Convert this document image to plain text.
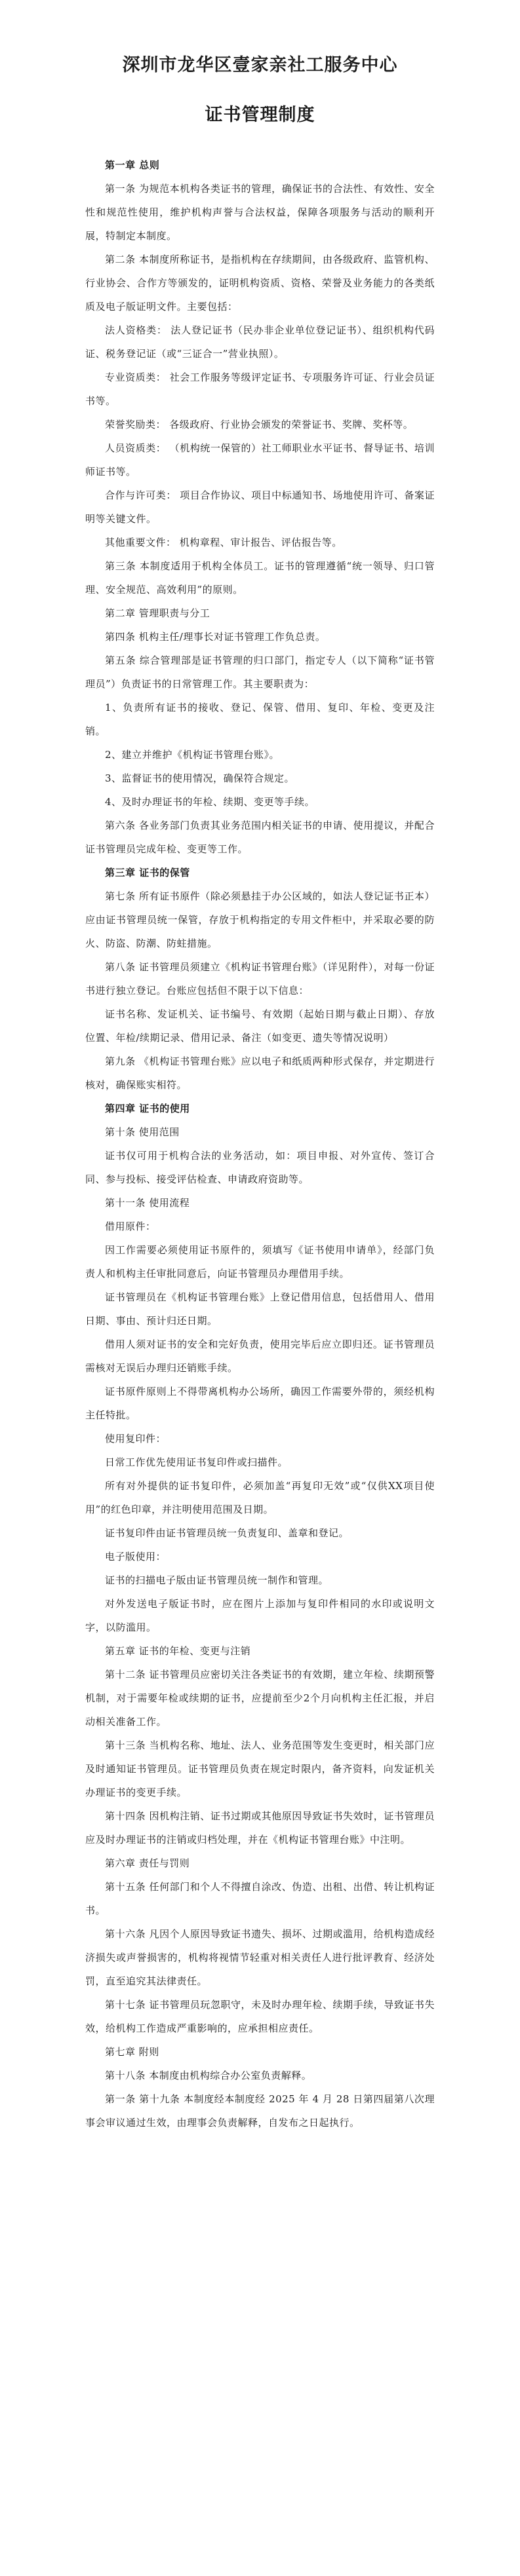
深圳市龙华区壹家亲社工服务中心
证书管理制度

第一章 总则

第一条 为规范本机构各类证书的管理，确保证书的合法性、有效性、安全性和规范性使用，维护机构声誉与合法权益，保障各项服务与活动的顺利开展，特制定本制度。

第二条 本制度所称证书，是指机构在存续期间，由各级政府、监管机构、行业协会、合作方等颁发的，证明机构资质、资格、荣誉及业务能力的各类纸质及电子版证明文件。主要包括：

法人资格类： 法人登记证书（民办非企业单位登记证书）、组织机构代码证、税务登记证（或“三证合一”营业执照）。

专业资质类： 社会工作服务等级评定证书、专项服务许可证、行业会员证书等。

荣誉奖励类： 各级政府、行业协会颁发的荣誉证书、奖牌、奖杯等。

人员资质类： （机构统一保管的）社工师职业水平证书、督导证书、培训师证书等。

合作与许可类： 项目合作协议、项目中标通知书、场地使用许可、备案证明等关键文件。

其他重要文件： 机构章程、审计报告、评估报告等。

第三条 本制度适用于机构全体员工。证书的管理遵循“统一领导、归口管理、安全规范、高效利用”的原则。

第二章 管理职责与分工

第四条 机构主任/理事长对证书管理工作负总责。

第五条 综合管理部是证书管理的归口部门，指定专人（以下简称“证书管理员”）负责证书的日常管理工作。其主要职责为：

1、负责所有证书的接收、登记、保管、借用、复印、年检、变更及注销。

2、建立并维护《机构证书管理台账》。

3、监督证书的使用情况，确保符合规定。

4、及时办理证书的年检、续期、变更等手续。

第六条 各业务部门负责其业务范围内相关证书的申请、使用提议，并配合证书管理员完成年检、变更等工作。

第三章 证书的保管

第七条 所有证书原件（除必须悬挂于办公区域的，如法人登记证书正本）应由证书管理员统一保管，存放于机构指定的专用文件柜中，并采取必要的防火、防盗、防潮、防蛀措施。

第八条 证书管理员须建立《机构证书管理台账》（详见附件），对每一份证书进行独立登记。台账应包括但不限于以下信息：

证书名称、发证机关、证书编号、有效期（起始日期与截止日期）、存放位置、年检/续期记录、借用记录、备注（如变更、遗失等情况说明）

第九条 《机构证书管理台账》应以电子和纸质两种形式保存，并定期进行核对，确保账实相符。

第四章 证书的使用

第十条 使用范围

证书仅可用于机构合法的业务活动，如：项目申报、对外宣传、签订合同、参与投标、接受评估检查、申请政府资助等。

第十一条 使用流程

借用原件：

因工作需要必须使用证书原件的，须填写《证书使用申请单》，经部门负责人和机构主任审批同意后，向证书管理员办理借用手续。

证书管理员在《机构证书管理台账》上登记借用信息，包括借用人、借用日期、事由、预计归还日期。

借用人须对证书的安全和完好负责，使用完毕后应立即归还。证书管理员需核对无误后办理归还销账手续。

证书原件原则上不得带离机构办公场所，确因工作需要外带的，须经机构主任特批。

使用复印件：

日常工作优先使用证书复印件或扫描件。

所有对外提供的证书复印件，必须加盖“再复印无效”或“仅供XX项目使用”的红色印章，并注明使用范围及日期。

证书复印件由证书管理员统一负责复印、盖章和登记。

电子版使用：

证书的扫描电子版由证书管理员统一制作和管理。

对外发送电子版证书时，应在图片上添加与复印件相同的水印或说明文字，以防滥用。

第五章 证书的年检、变更与注销

第十二条 证书管理员应密切关注各类证书的有效期，建立年检、续期预警机制，对于需要年检或续期的证书，应提前至少2个月向机构主任汇报，并启动相关准备工作。

第十三条 当机构名称、地址、法人、业务范围等发生变更时，相关部门应及时通知证书管理员。证书管理员负责在规定时限内，备齐资料，向发证机关办理证书的变更手续。

第十四条 因机构注销、证书过期或其他原因导致证书失效时，证书管理员应及时办理证书的注销或归档处理，并在《机构证书管理台账》中注明。

第六章 责任与罚则

第十五条 任何部门和个人不得擅自涂改、伪造、出租、出借、转让机构证书。

第十六条 凡因个人原因导致证书遗失、损坏、过期或滥用，给机构造成经济损失或声誉损害的，机构将视情节轻重对相关责任人进行批评教育、经济处罚，直至追究其法律责任。

第十七条 证书管理员玩忽职守，未及时办理年检、续期手续，导致证书失效，给机构工作造成严重影响的，应承担相应责任。

第七章 附则

第十八条 本制度由机构综合办公室负责解释。

第一条 第十九条 本制度经本制度经 2025 年 4 月 28 日第四届第八次理事会审议通过生效，由理事会负责解释，自发布之日起执行。
